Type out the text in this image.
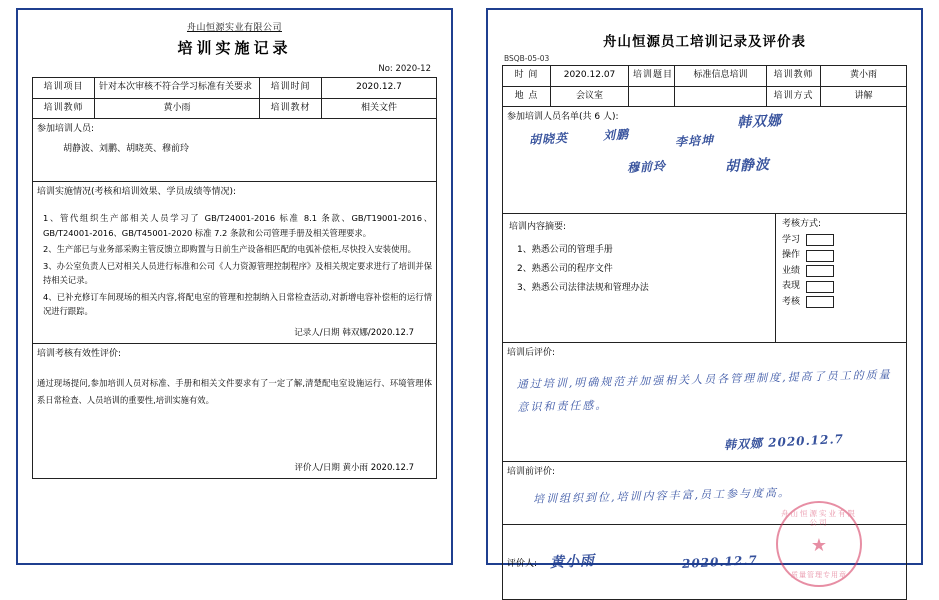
舟山恒源实业有限公司
培训实施记录
No: 2020-12
培训项目	针对本次审核不符合学习标准有关要求	培训时间	2020.12.7
培训教师	黄小雨	培训教材	相关文件

参加培训人员:
胡静波、刘鹏、胡晓英、穆前玲			

培训实施情况(考核和培训效果、学员成绩等情况):

1、管代组织生产部相关人员学习了 GB/T24001-2016 标准 8.1 条款、GB/T19001-2016、GB/T24001-2016、GB/T45001-2020 标准 7.2 条款和公司管理手册及相关管理要求。

2、生产部已与业务部采购主管反馈立即购置与日前生产设备相匹配的电弧补偿柜,尽快投入安装使用。

3、办公室负责人已对相关人员进行标准和公司《人力资源管理控制程序》及相关规定要求进行了培训并保持相关记录。

4、已补充修订车间现场的相关内容,将配电室的管理和控制纳入日常检查活动,对新增电容补偿柜的运行情况进行跟踪。

记录人/日期 韩双娜/2020.12.7

培训考核有效性评价:
通过现场提问,参加培训人员对标准、手册和相关文件要求有了一定了解,清楚配电室设施运行、环境管理体系日常检查、人员培训的重要性,培训实施有效。
评价人/日期 黄小雨 2020.12.7			
舟山恒源员工培训记录及评价表
BSQB-05-03
时 间	2020.12.07	培训题目	标准信息培训	培训教师	黄小雨
地 点	会议室			培训方式	讲解

参加培训人员名单(共 6 人):
胡晓英	刘鹏	李培坤
韩双娜
穆前玲	胡静波

培训内容摘要:
1、熟悉公司的管理手册
2、熟悉公司的程序文件
3、熟悉公司法律法规和管理办法
考核方式:
学习
操作
业绩
表现
考核

培训后评价:
通过培训,明确规范并加强相关人员各管理制度,提高了员工的质量意识和责任感。
韩双娜 2020.12.7					

培训前评价:
培训组织到位,培训内容丰富,员工参与度高。					

评价人: 黄小雨 2020.12.7
舟山恒源实业有限公司
★
质量管理专用章					
